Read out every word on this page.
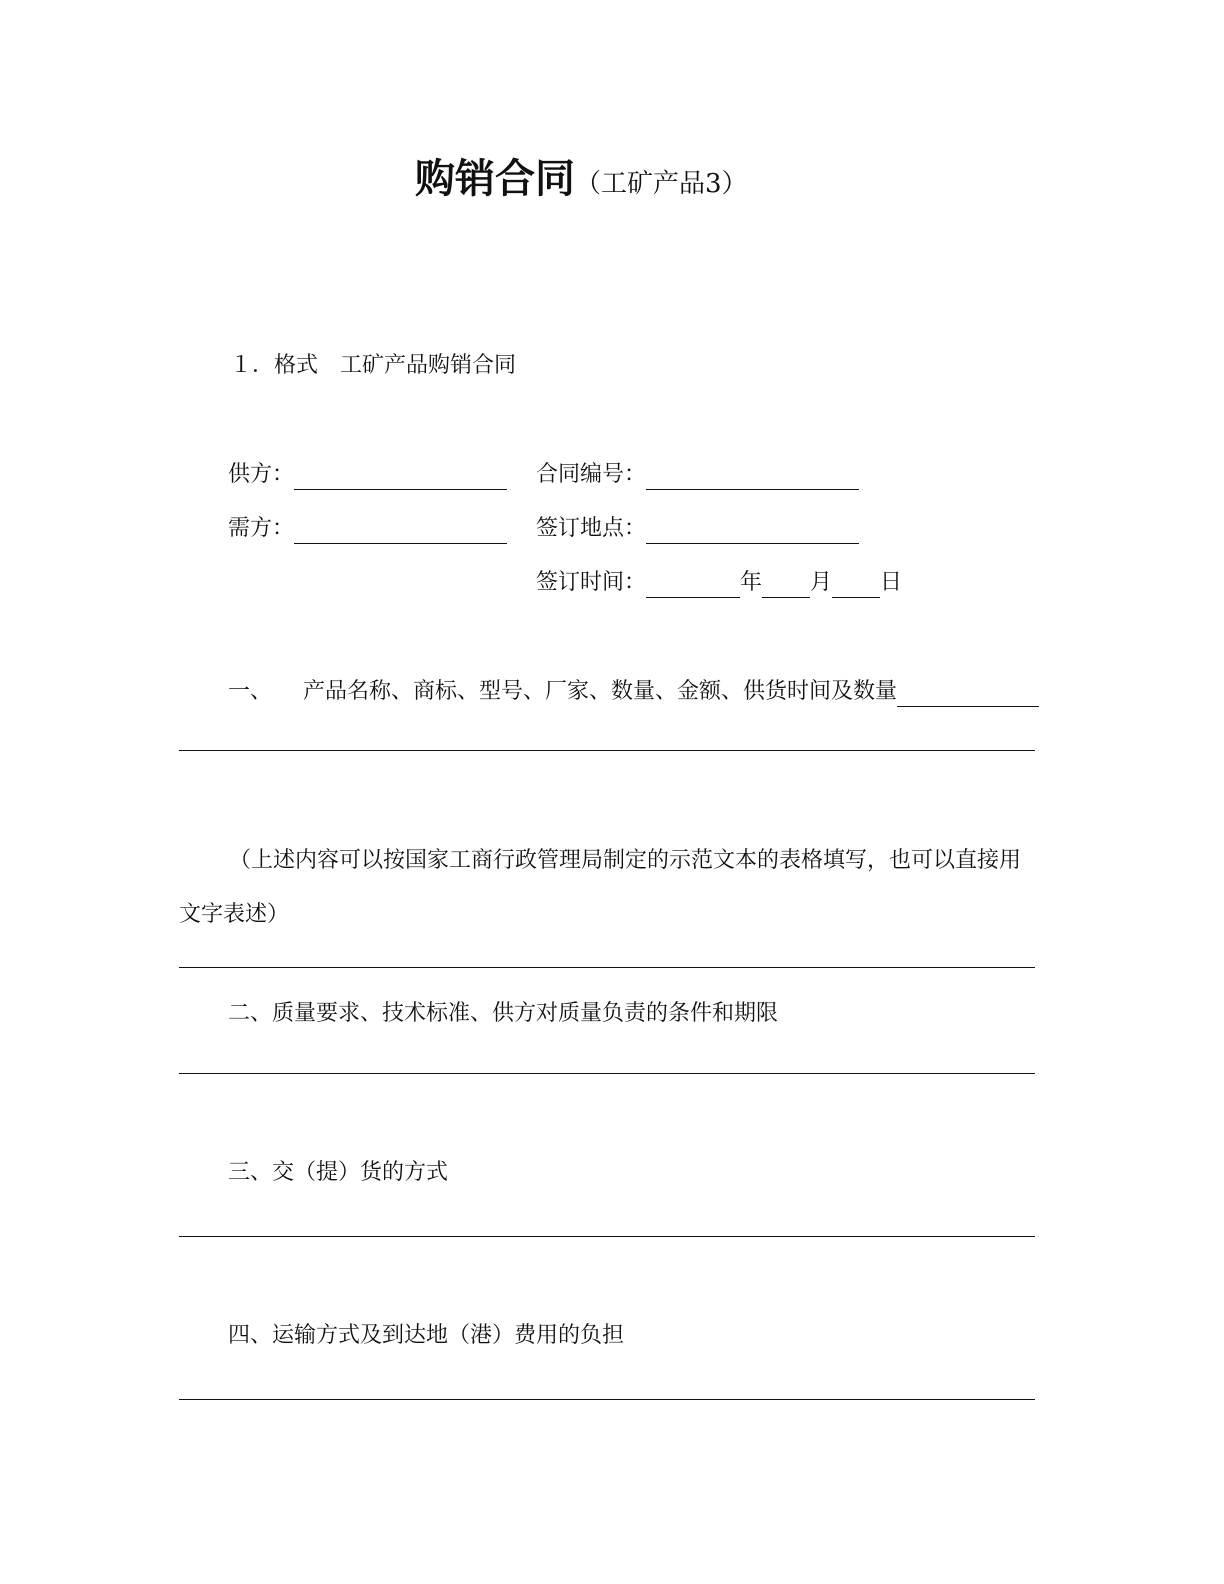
购销合同（工矿产品3）
１．格式　工矿产品购销合同
供方：	合同编号：
需方：	签订地点：
签订时间：	年 月 日
一、 产品名称、商标、型号、厂家、数量、金额、供货时间及数量
（上述内容可以按国家工商行政管理局制定的示范文本的表格填写，也可以直接用文字表述）
二、质量要求、技术标准、供方对质量负责的条件和期限
三、交（提）货的方式
四、运输方式及到达地（港）费用的负担
